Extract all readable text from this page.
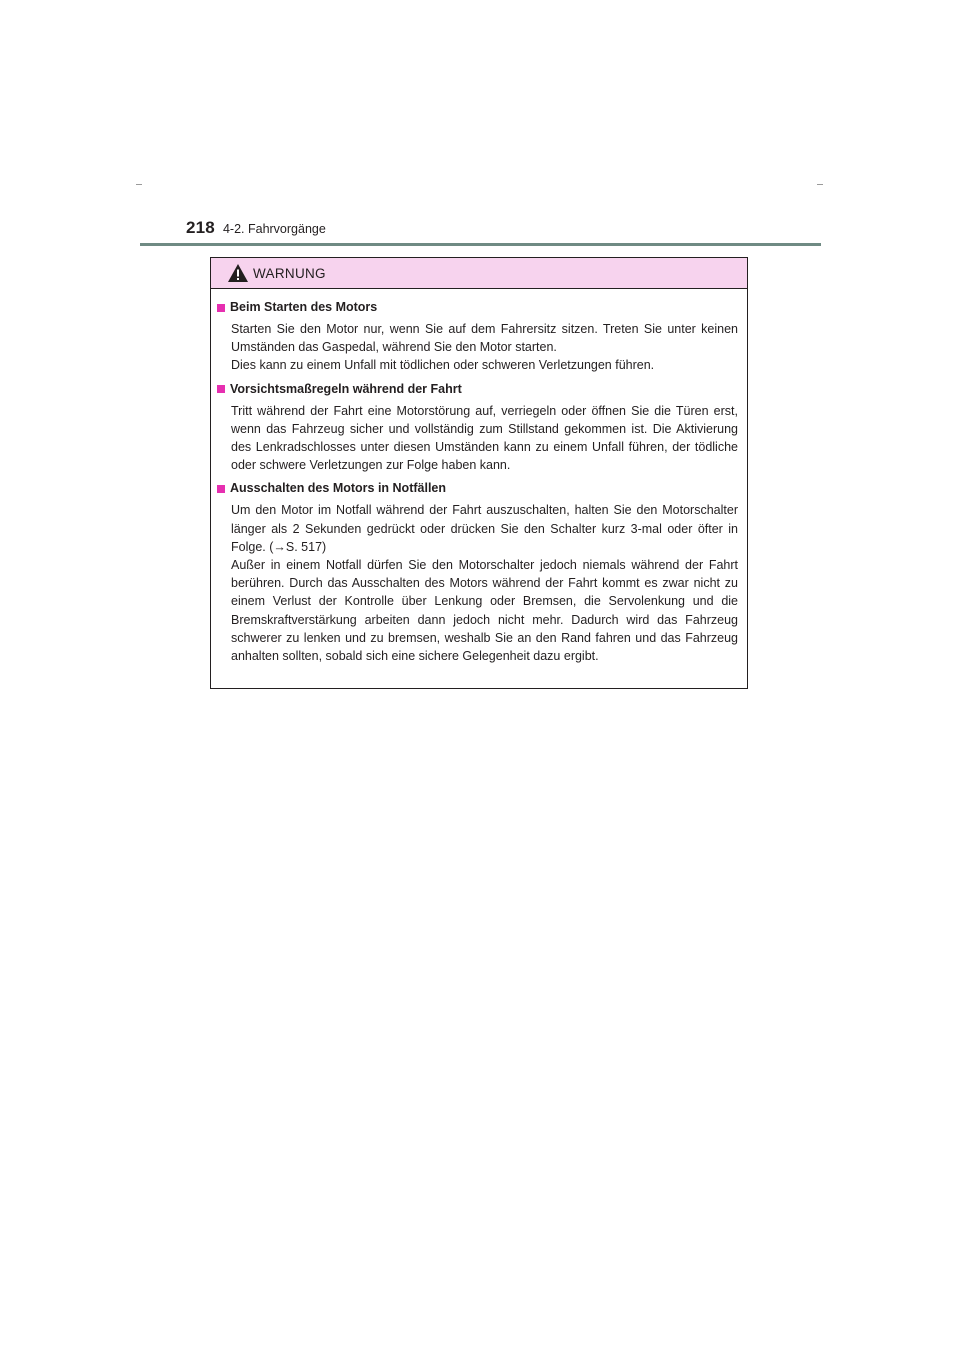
218 4-2. Fahrvorgänge
WARNUNG
Beim Starten des Motors

Starten Sie den Motor nur, wenn Sie auf dem Fahrersitz sitzen. Treten Sie unter keinen Umständen das Gaspedal, während Sie den Motor starten.

Dies kann zu einem Unfall mit tödlichen oder schweren Verletzungen führen.

Vorsichtsmaßregeln während der Fahrt

Tritt während der Fahrt eine Motorstörung auf, verriegeln oder öffnen Sie die Türen erst, wenn das Fahrzeug sicher und vollständig zum Stillstand gekommen ist. Die Aktivierung des Lenkradschlosses unter diesen Umständen kann zu einem Unfall führen, der tödliche oder schwere Verletzungen zur Folge haben kann.

Ausschalten des Motors in Notfällen

Um den Motor im Notfall während der Fahrt auszuschalten, halten Sie den Motorschalter länger als 2 Sekunden gedrückt oder drücken Sie den Schalter kurz 3-mal oder öfter in Folge. (→S. 517)

Außer in einem Notfall dürfen Sie den Motorschalter jedoch niemals während der Fahrt berühren. Durch das Ausschalten des Motors während der Fahrt kommt es zwar nicht zu einem Verlust der Kontrolle über Lenkung oder Bremsen, die Servolenkung und die Bremskraftverstärkung arbeiten dann jedoch nicht mehr. Dadurch wird das Fahrzeug schwerer zu lenken und zu bremsen, weshalb Sie an den Rand fahren und das Fahrzeug anhalten sollten, sobald sich eine sichere Gelegenheit dazu ergibt.
